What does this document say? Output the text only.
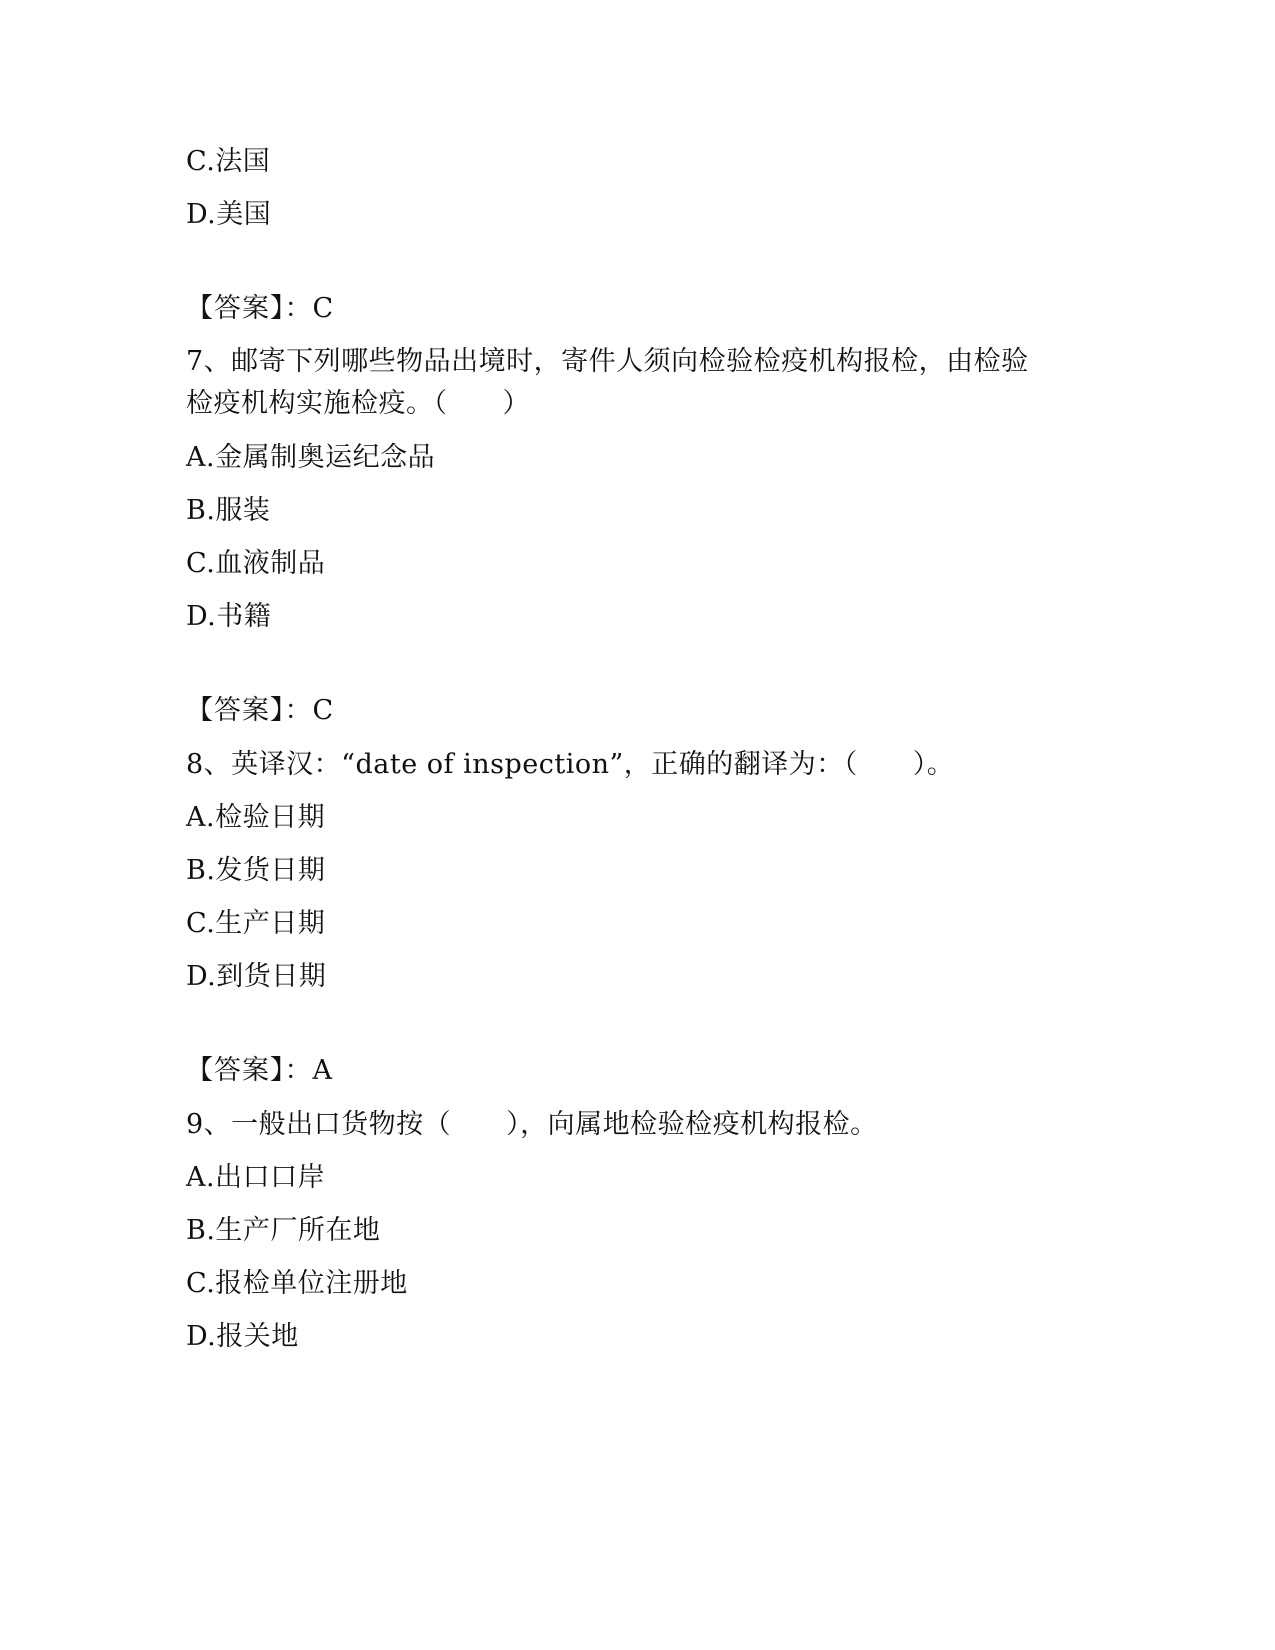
C.法国
D.美国
【答案】：C
7、邮寄下列哪些物品出境时，寄件人须向检验检疫机构报检，由检验
检疫机构实施检疫。（　　）
A.金属制奥运纪念品
B.服装
C.血液制品
D.书籍
【答案】：C
8、英译汉：“date of inspection”，正确的翻译为：（　　）。
A.检验日期
B.发货日期
C.生产日期
D.到货日期
【答案】：A
9、一般出口货物按（　　），向属地检验检疫机构报检。
A.出口口岸
B.生产厂所在地
C.报检单位注册地
D.报关地
